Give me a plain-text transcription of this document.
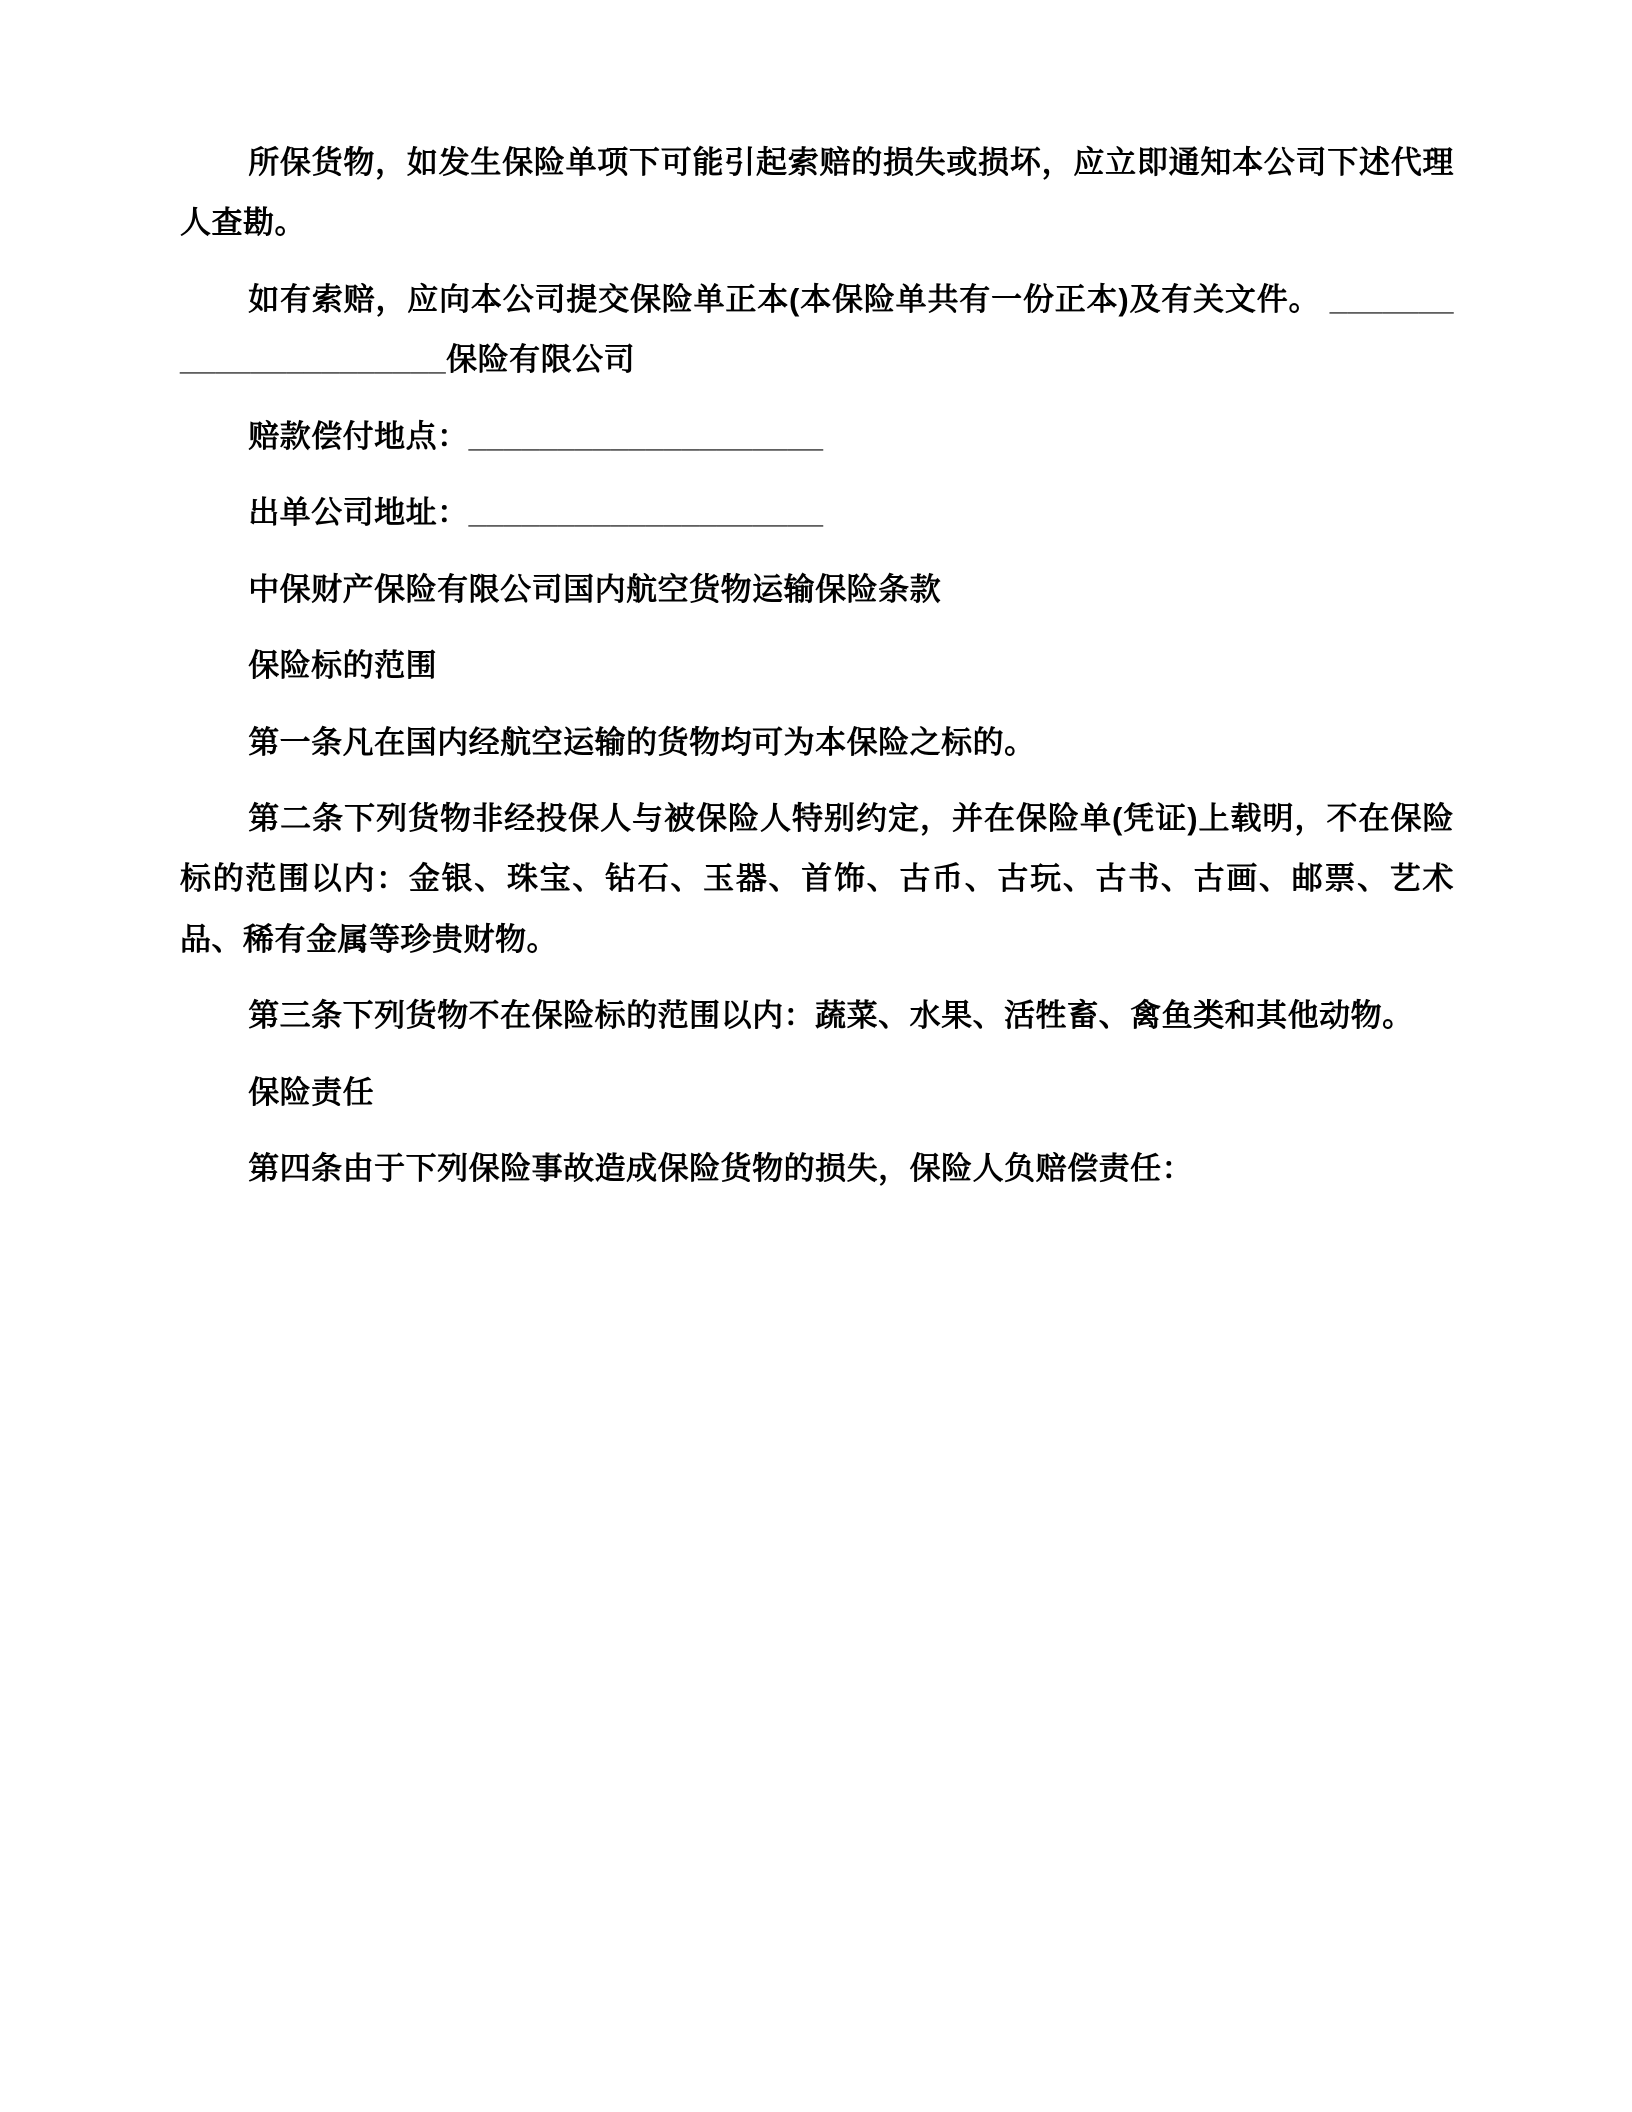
所保货物，如发生保险单项下可能引起索赔的损失或损坏，应立即通知本公司下述代理人查勘。

如有索赔，应向本公司提交保险单正本(本保险单共有一份正本)及有关文件。 ______________________保险有限公司

赔款偿付地点：____________________

出单公司地址：____________________

中保财产保险有限公司国内航空货物运输保险条款

保险标的范围

第一条凡在国内经航空运输的货物均可为本保险之标的。

第二条下列货物非经投保人与被保险人特别约定，并在保险单(凭证)上载明，不在保险标的范围以内：金银、珠宝、钻石、玉器、首饰、古币、古玩、古书、古画、邮票、艺术品、稀有金属等珍贵财物。

第三条下列货物不在保险标的范围以内：蔬菜、水果、活牲畜、禽鱼类和其他动物。

保险责任

第四条由于下列保险事故造成保险货物的损失，保险人负赔偿责任：
